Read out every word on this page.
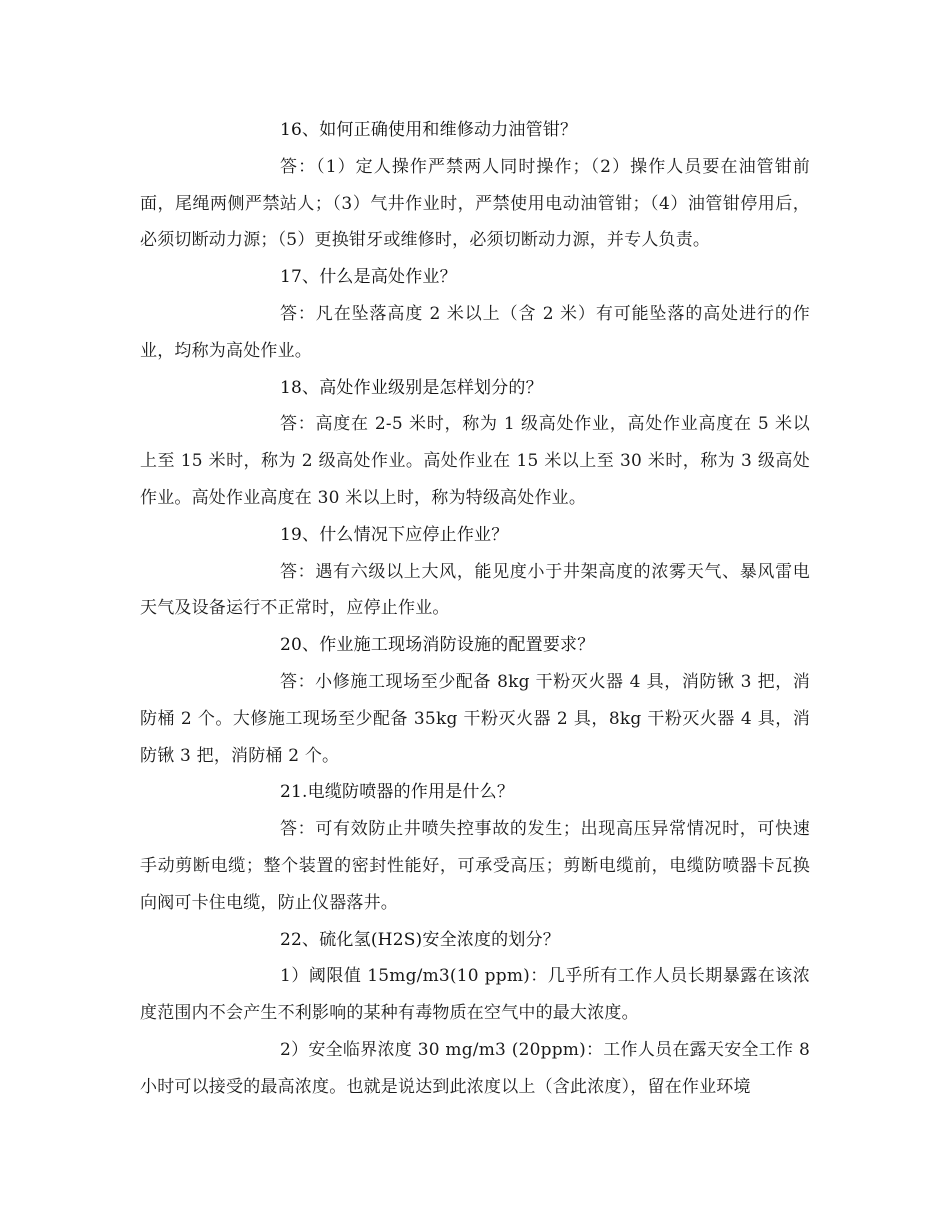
16、如何正确使用和维修动力油管钳？

答：（1）定人操作严禁两人同时操作；（2）操作人员要在油管钳前面，尾绳两侧严禁站人；（3）气井作业时，严禁使用电动油管钳；（4）油管钳停用后，必须切断动力源；（5）更换钳牙或维修时，必须切断动力源，并专人负责。

17、什么是高处作业？

答：凡在坠落高度 2 米以上（含 2 米）有可能坠落的高处进行的作业，均称为高处作业。

18、高处作业级别是怎样划分的？

答：高度在 2-5 米时，称为 1 级高处作业，高处作业高度在 5 米以上至 15 米时，称为 2 级高处作业。高处作业在 15 米以上至 30 米时，称为 3 级高处作业。高处作业高度在 30 米以上时，称为特级高处作业。

19、什么情况下应停止作业？

答：遇有六级以上大风，能见度小于井架高度的浓雾天气、暴风雷电天气及设备运行不正常时，应停止作业。

20、作业施工现场消防设施的配置要求？

答：小修施工现场至少配备 8kg 干粉灭火器 4 具，消防锹 3 把，消防桶 2 个。大修施工现场至少配备 35kg 干粉灭火器 2 具，8kg 干粉灭火器 4 具，消防锹 3 把，消防桶 2 个。

21.电缆防喷器的作用是什么？

答：可有效防止井喷失控事故的发生；出现高压异常情况时，可快速手动剪断电缆；整个装置的密封性能好，可承受高压；剪断电缆前，电缆防喷器卡瓦换向阀可卡住电缆，防止仪器落井。

22、硫化氢(H2S)安全浓度的划分？

1）阈限值 15mg/m3(10 ppm)：几乎所有工作人员长期暴露在该浓度范围内不会产生不利影响的某种有毒物质在空气中的最大浓度。

2）安全临界浓度 30 mg/m3 (20ppm)：工作人员在露天安全工作 8 小时可以接受的最高浓度。也就是说达到此浓度以上（含此浓度），留在作业环境
